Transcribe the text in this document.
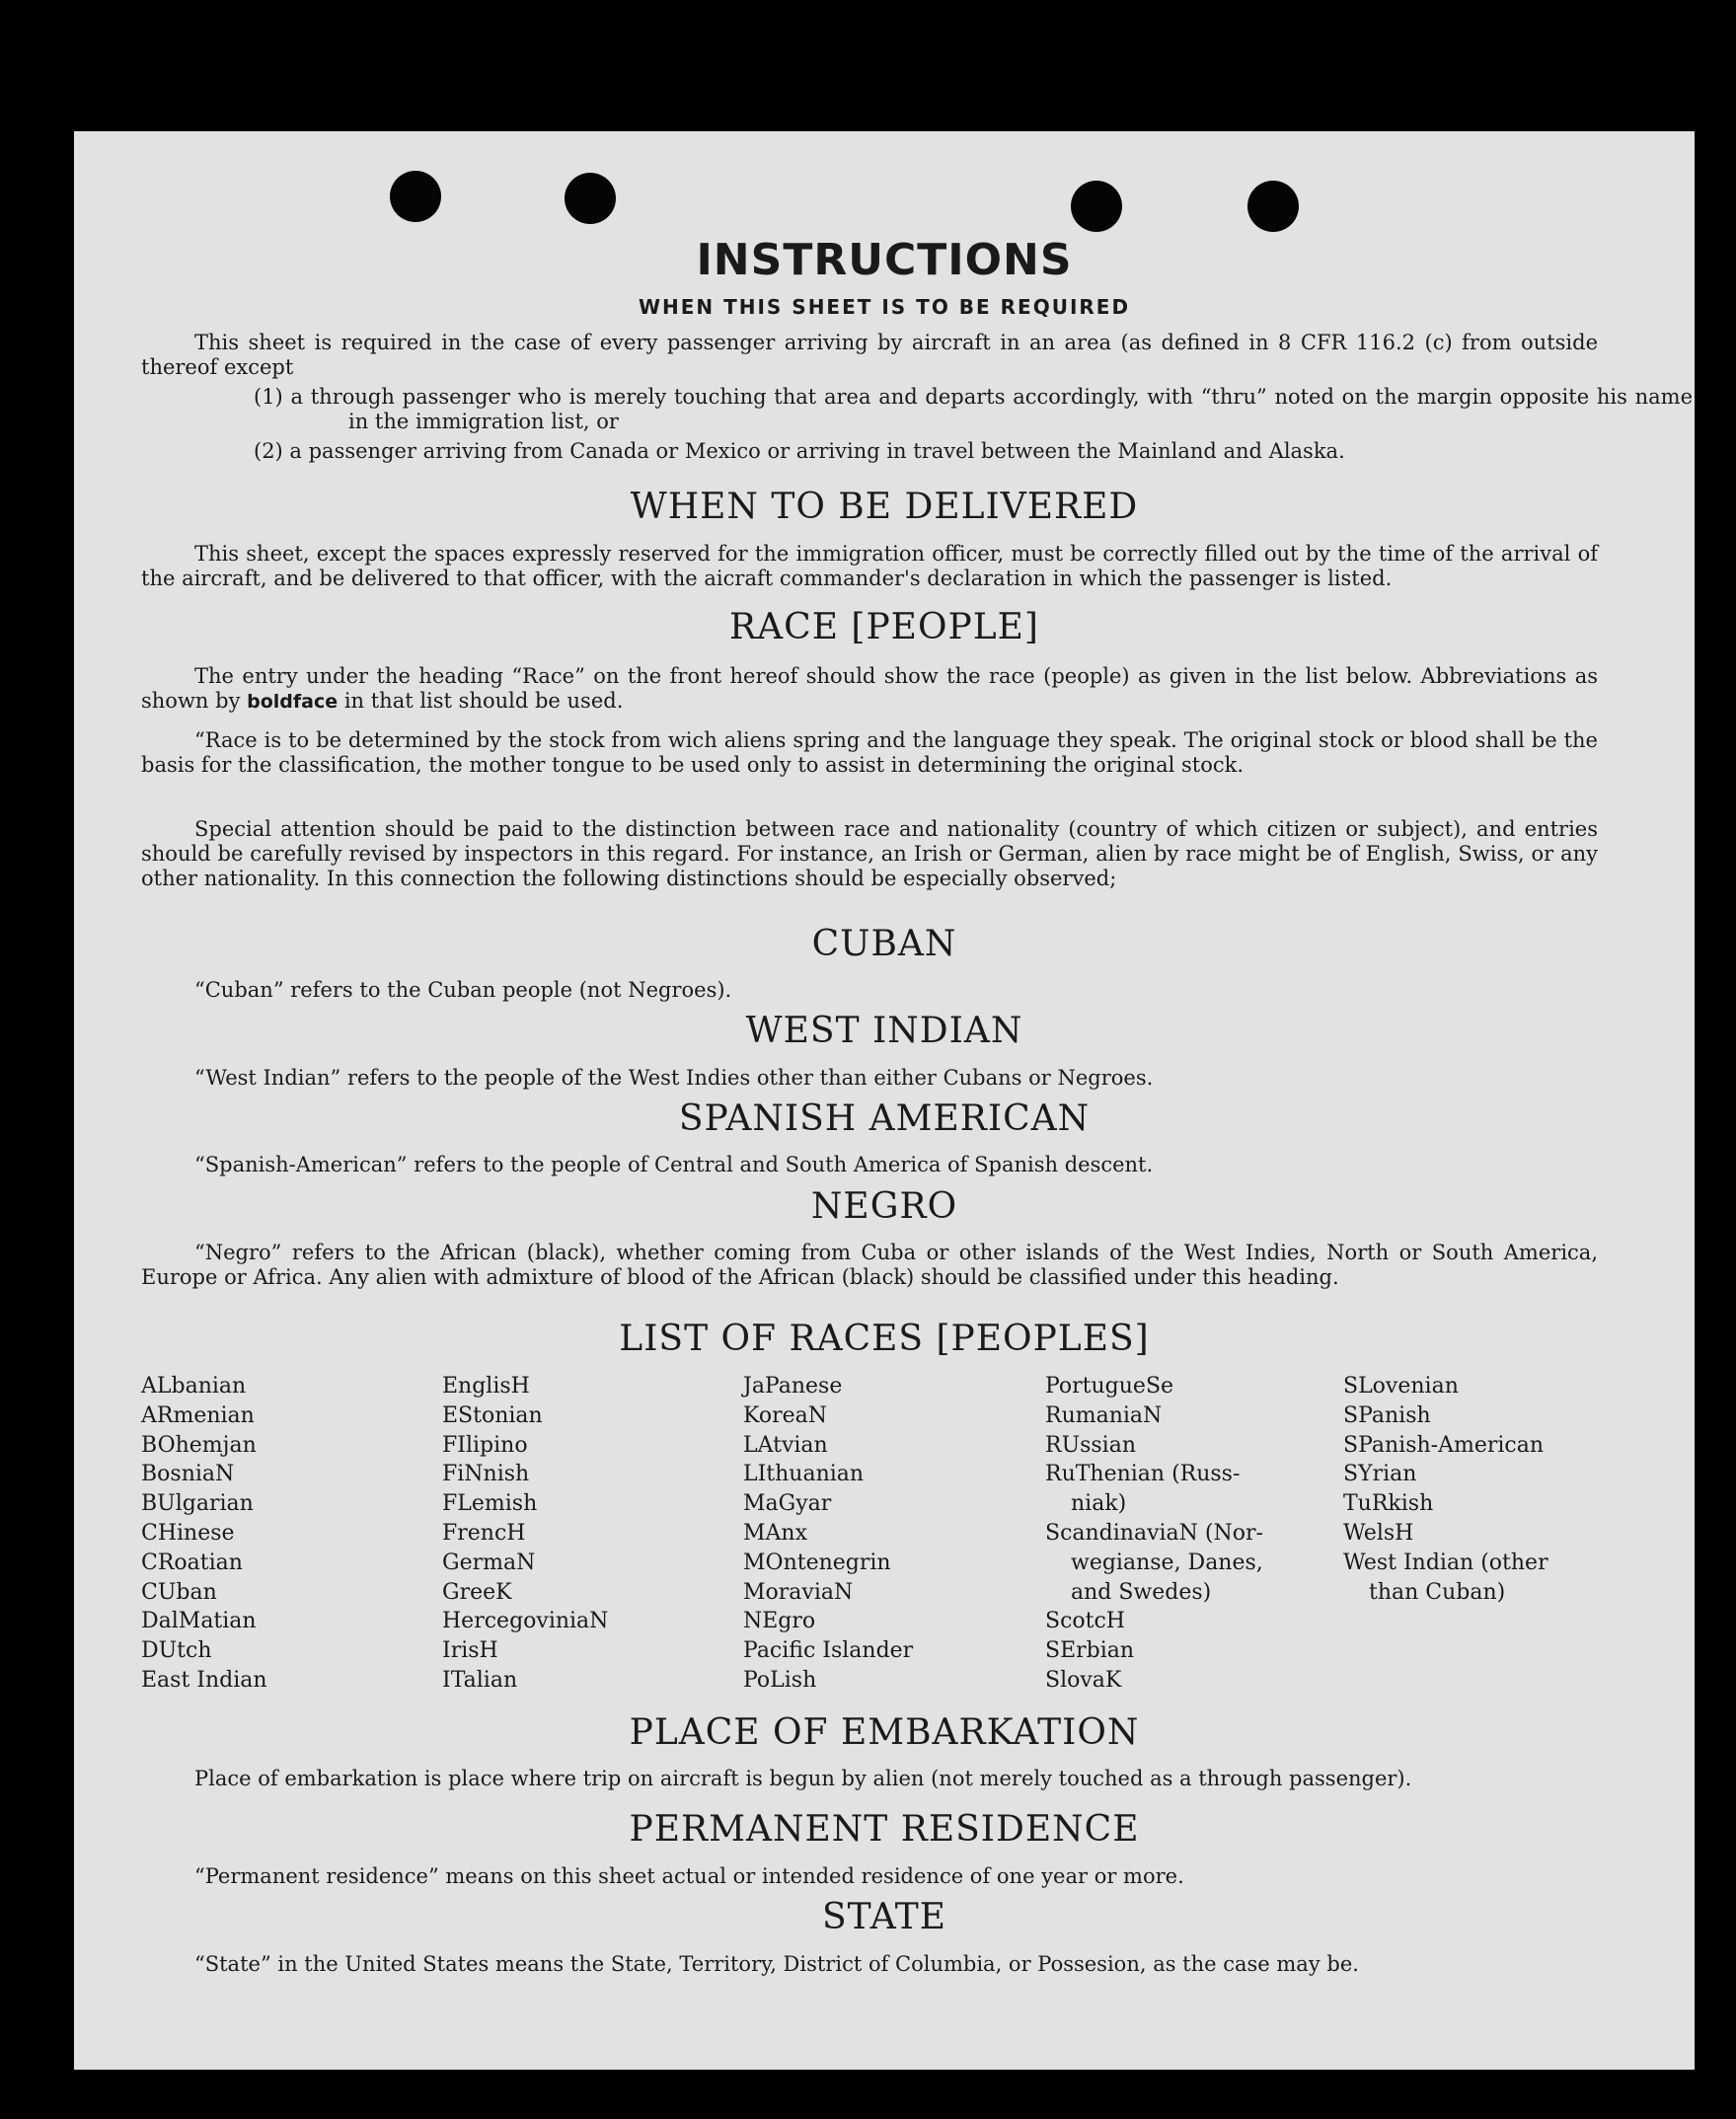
INSTRUCTIONS
WHEN THIS SHEET IS TO BE REQUIRED
This sheet is required in the case of every passenger arriving by aircraft in an area (as defined in 8 CFR 116.2 (c) from outside thereof except
(1) a through passenger who is merely touching that area and departs accordingly, with “thru” noted on the margin opposite his name in the immigration list, or
(2) a passenger arriving from Canada or Mexico or arriving in travel between the Mainland and Alaska.
WHEN TO BE DELIVERED
This sheet, except the spaces expressly reserved for the immigration officer, must be correctly filled out by the time of the arrival of the aircraft, and be delivered to that officer, with the aicraft commander's declaration in which the passenger is listed.
RACE [PEOPLE]
The entry under the heading “Race” on the front hereof should show the race (people) as given in the list below. Abbreviations as shown by boldface in that list should be used.
“Race is to be determined by the stock from wich aliens spring and the language they speak. The original stock or blood shall be the basis for the classification, the mother tongue to be used only to assist in determining the original stock.
Special attention should be paid to the distinction between race and nationality (country of which citizen or subject), and entries should be carefully revised by inspectors in this regard. For instance, an Irish or German, alien by race might be of English, Swiss, or any other nationality. In this connection the following distinctions should be especially observed;
CUBAN
“Cuban” refers to the Cuban people (not Negroes).
WEST INDIAN
“West Indian” refers to the people of the West Indies other than either Cubans or Negroes.
SPANISH AMERICAN
“Spanish-American” refers to the people of Central and South America of Spanish descent.
NEGRO
“Negro” refers to the African (black), whether coming from Cuba or other islands of the West Indies, North or South America, Europe or Africa. Any alien with admixture of blood of the African (black) should be classified under this heading.
LIST OF RACES [PEOPLES]
ALbanian
ARmenian
BOhemjan
BosniaN
BUlgarian
CHinese
CRoatian
CUban
DalMatian
DUtch
East Indian
EnglisH
EStonian
FIlipino
FiNnish
FLemish
FrencH
GermaN
GreeK
HercegoviniaN
IrisH
ITalian
JaPanese
KoreaN
LAtvian
LIthuanian
MaGyar
MAnx
MOntenegrin
MoraviaN
NEgro
Pacific Islander
PoLish
PortugueSe
RumaniaN
RUssian
RuThenian (Russ-
niak)
ScandinaviaN (Nor-
wegianse, Danes,
and Swedes)
ScotcH
SErbian
SlovaK
SLovenian
SPanish
SPanish-American
SYrian
TuRkish
WelsH
West Indian (other
than Cuban)
PLACE OF EMBARKATION
Place of embarkation is place where trip on aircraft is begun by alien (not merely touched as a through passenger).
PERMANENT RESIDENCE
“Permanent residence” means on this sheet actual or intended residence of one year or more.
STATE
“State” in the United States means the State, Territory, District of Columbia, or Possesion, as the case may be.
